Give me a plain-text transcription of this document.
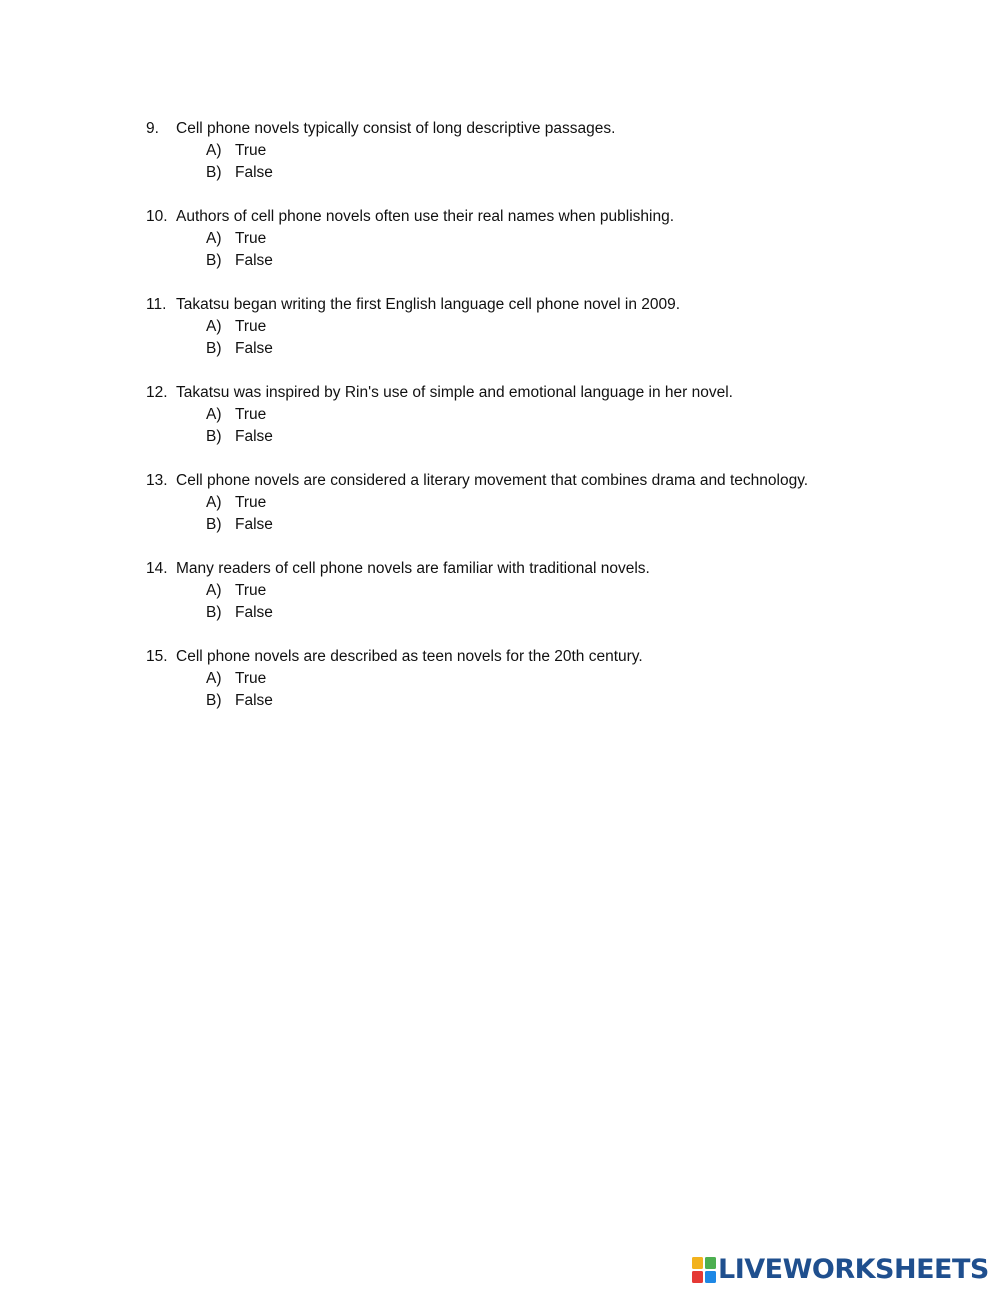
9.	Cell phone novels typically consist of long descriptive passages.
A) True
B) False
10. Authors of cell phone novels often use their real names when publishing.
A) True
B) False
11. Takatsu began writing the first English language cell phone novel in 2009.
A) True
B) False
12. Takatsu was inspired by Rin's use of simple and emotional language in her novel.
A) True
B) False
13. Cell phone novels are considered a literary movement that combines drama and technology.
A) True
B) False
14. Many readers of cell phone novels are familiar with traditional novels.
A) True
B) False
15. Cell phone novels are described as teen novels for the 20th century.
A) True
B) False
LIVEWORKSHEETS
